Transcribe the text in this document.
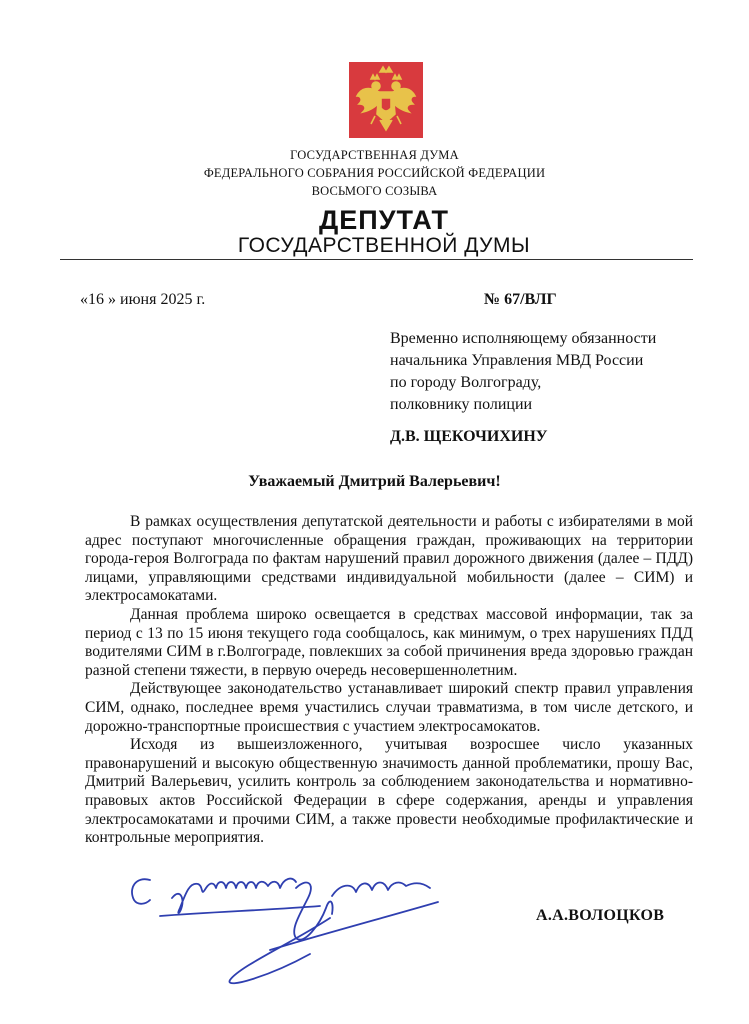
ГОСУДАРСТВЕННАЯ ДУМА
ФЕДЕРАЛЬНОГО СОБРАНИЯ РОССИЙСКОЙ ФЕДЕРАЦИИ
ВОСЬМОГО СОЗЫВА
ДЕПУТАТ
ГОСУДАРСТВЕННОЙ ДУМЫ
«16 » июня 2025 г.	№ 67/ВЛГ
Временно исполняющему обязанности
начальника Управления МВД России
по городу Волгограду,
полковнику полиции
Д.В. ЩЕКОЧИХИНУ
Уважаемый Дмитрий Валерьевич!

В рамках осуществления депутатской деятельности и работы с избирателями в мой адрес поступают многочисленные обращения граждан, проживающих на территории города-героя Волгограда по фактам нарушений правил дорожного движения (далее – ПДД) лицами, управляющими средствами индивидуальной мобильности (далее – СИМ) и электросамокатами.

Данная проблема широко освещается в средствах массовой информации, так за период с 13 по 15 июня текущего года сообщалось, как минимум, о трех нарушениях ПДД водителями СИМ в г.Волгограде, повлекших за собой причинения вреда здоровью граждан разной степени тяжести, в первую очередь несовершеннолетним.

Действующее законодательство устанавливает широкий спектр правил управления СИМ, однако, последнее время участились случаи травматизма, в том числе детского, и дорожно-транспортные происшествия с участием электросамокатов.

Исходя из вышеизложенного, учитывая возросшее число указанных правонарушений и высокую общественную значимость данной проблематики, прошу Вас, Дмитрий Валерьевич, усилить контроль за соблюдением законодательства и нормативно-правовых актов Российской Федерации в сфере содержания, аренды и управления электросамокатами и прочими СИМ, а также провести необходимые профилактические и контрольные мероприятия.

А.А.ВОЛОЦКОВ
